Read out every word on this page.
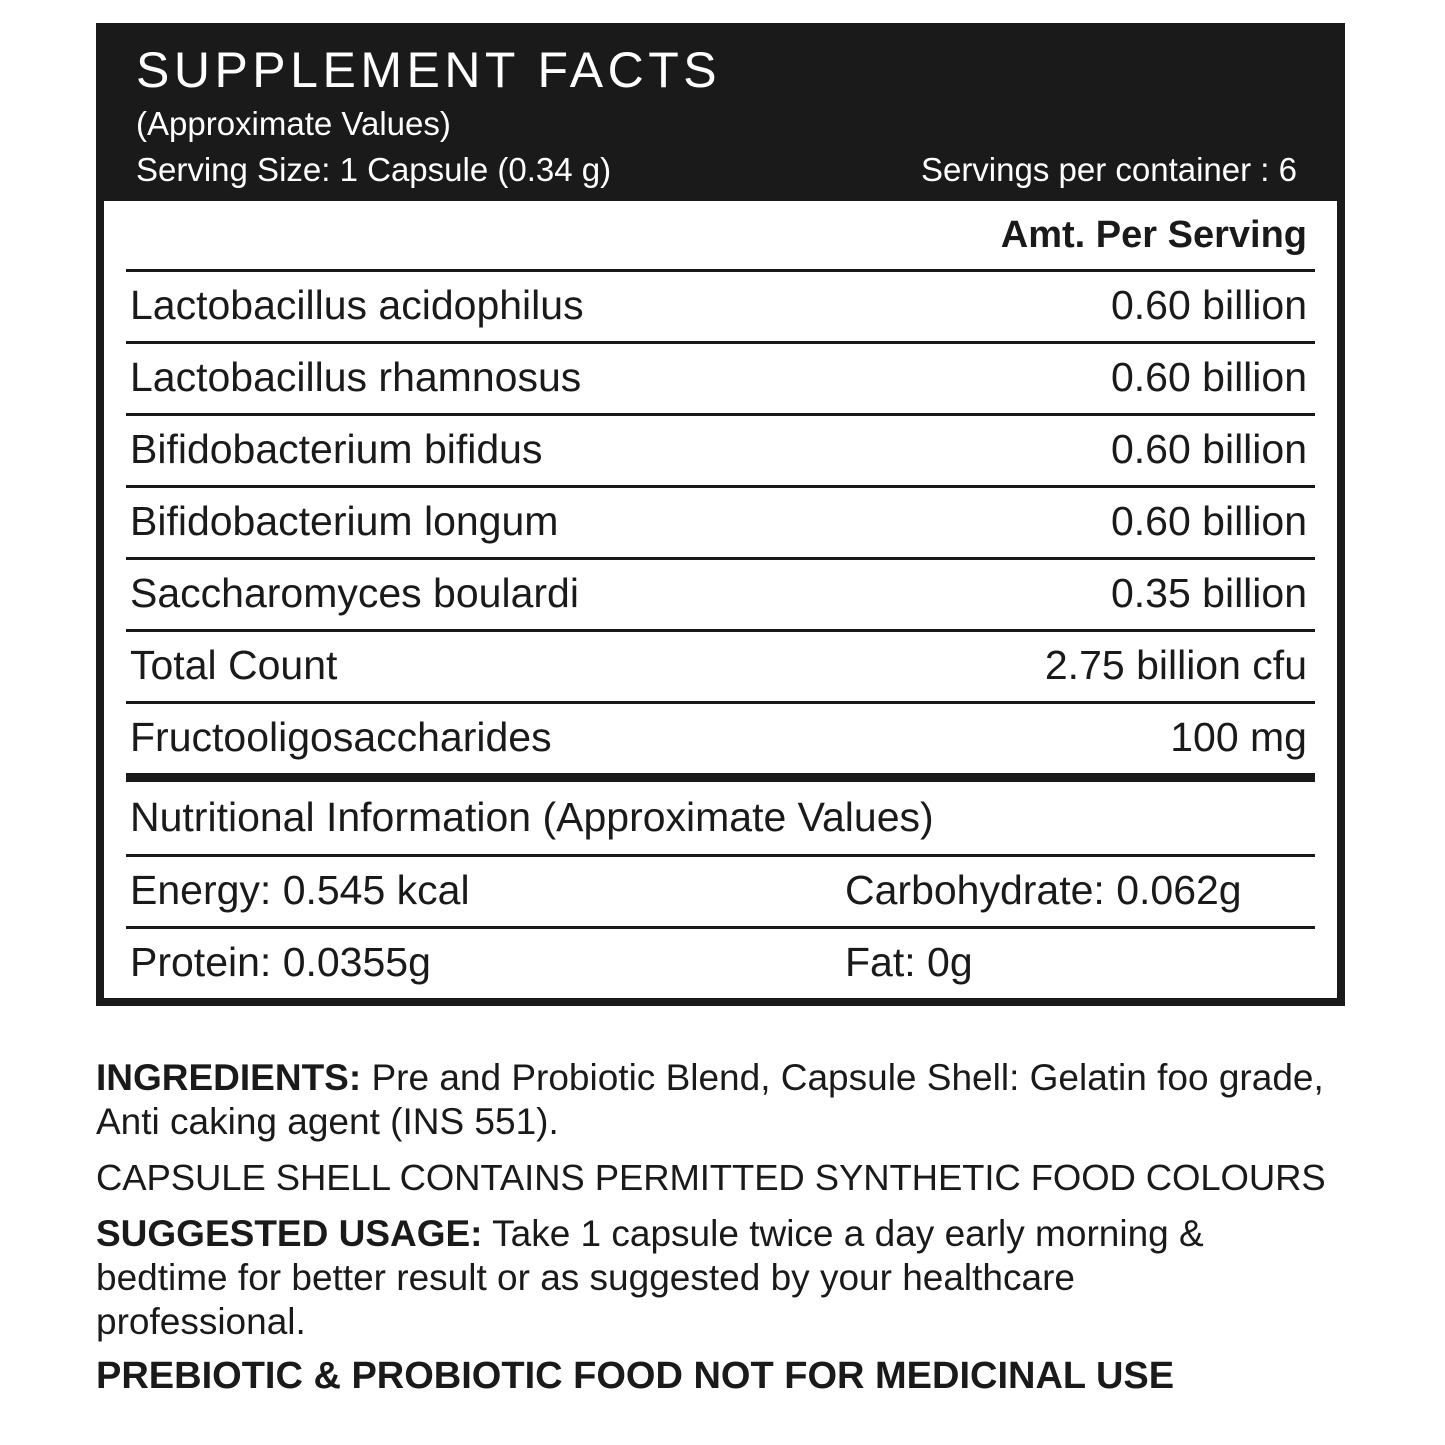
SUPPLEMENT FACTS
(Approximate Values)
Serving Size: 1 Capsule (0.34 g)	Servings per container : 6
Amt. Per Serving
Lactobacillus acidophilus	0.60 billion
Lactobacillus rhamnosus	0.60 billion
Bifidobacterium bifidus	0.60 billion
Bifidobacterium longum	0.60 billion
Saccharomyces boulardi	0.35 billion
Total Count	2.75 billion cfu
Fructooligosaccharides	100 mg
Nutritional Information (Approximate Values)
Energy: 0.545 kcal	Carbohydrate: 0.062g
Protein: 0.0355g	Fat: 0g

INGREDIENTS: Pre and Probiotic Blend, Capsule Shell: Gelatin foo grade, Anti caking agent (INS 551).

CAPSULE SHELL CONTAINS PERMITTED SYNTHETIC FOOD COLOURS

SUGGESTED USAGE: Take 1 capsule twice a day early morning & bedtime for better result or as suggested by your healthcare professional.

PREBIOTIC & PROBIOTIC FOOD NOT FOR MEDICINAL USE
